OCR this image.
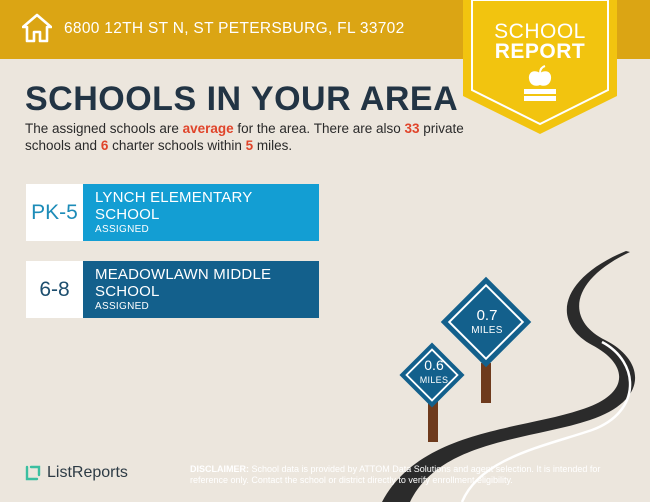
6800 12TH ST N, ST PETERSBURG, FL 33702	SCHOOL
REPORT
SCHOOLS IN YOUR AREA
The assigned schools are average for the area. There are also 33 private schools and 6 charter schools within 5 miles.
PK-5
LYNCH ELEMENTARY
SCHOOL
ASSIGNED
6-8
MEADOWLAWN MIDDLE
SCHOOL
ASSIGNED
0.7
MILES
0.6
MILES
ListReports	DISCLAIMER: School data is provided by ATTOM Data Solutions and agent selection. It is intended for reference only. Contact the school or district directly to verify enrollment eligibility.
